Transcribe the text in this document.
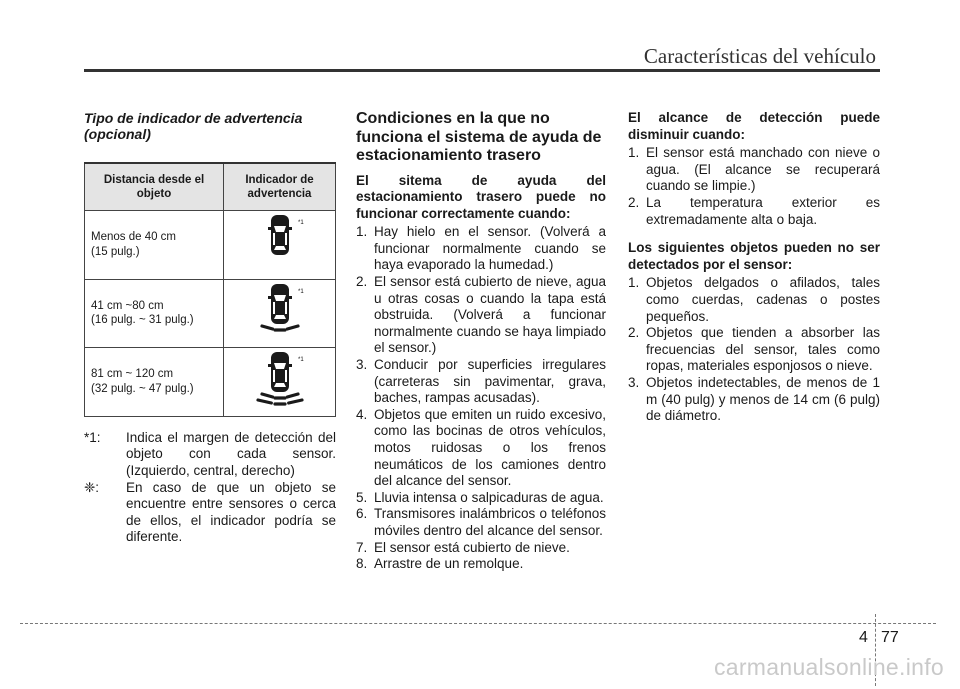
Características del vehículo
Tipo de indicador de advertencia (opcional)
Distancia desde el objeto	Indicador de advertencia

Menos de 40 cm
(15 pulg.)	*1

41 cm ~80 cm
(16 pulg. ~ 31 pulg.)	*1

81 cm ~ 120 cm
(32 pulg. ~ 47 pulg.)	*1
*1: Indica el margen de detección del objeto con cada sensor. (Izquierdo, central, derecho)
❈: En caso de que un objeto se encuentre entre sensores o cerca de ellos, el indicador podría se diferente.
Condiciones en la que no funciona el sistema de ayuda de estacionamiento trasero
El sitema de ayuda del estacionamiento trasero puede no funcionar correctamente cuando:
1. Hay hielo en el sensor. (Volverá a funcionar normalmente cuando se haya evaporado la humedad.)
2. El sensor está cubierto de nieve, agua u otras cosas o cuando la tapa está obstruida. (Volverá a funcionar normalmente cuando se haya limpiado el sensor.)
3. Conducir por superficies irregulares (carreteras sin pavimentar, grava, baches, rampas acusadas).
4. Objetos que emiten un ruido excesivo, como las bocinas de otros vehículos, motos ruidosas o los frenos neumáticos de los camiones dentro del alcance del sensor.
5. Lluvia intensa o salpicaduras de agua.
6. Transmisores inalámbricos o teléfonos móviles dentro del alcance del sensor.
7. El sensor está cubierto de nieve.
8. Arrastre de un remolque.
El alcance de detección puede disminuir cuando:
1. El sensor está manchado con nieve o agua. (El alcance se recuperará cuando se limpie.)
2. La temperatura exterior es extremadamente alta o baja.
Los siguientes objetos pueden no ser detectados por el sensor:
1. Objetos delgados o afilados, tales como cuerdas, cadenas o postes pequeños.
2. Objetos que tienden a absorber las frecuencias del sensor, tales como ropas, materiales esponjosos o nieve.
3. Objetos indetectables, de menos de 1 m (40 pulg) y menos de 14 cm (6 pulg) de diámetro.
4 77
carmanualsonline.info
